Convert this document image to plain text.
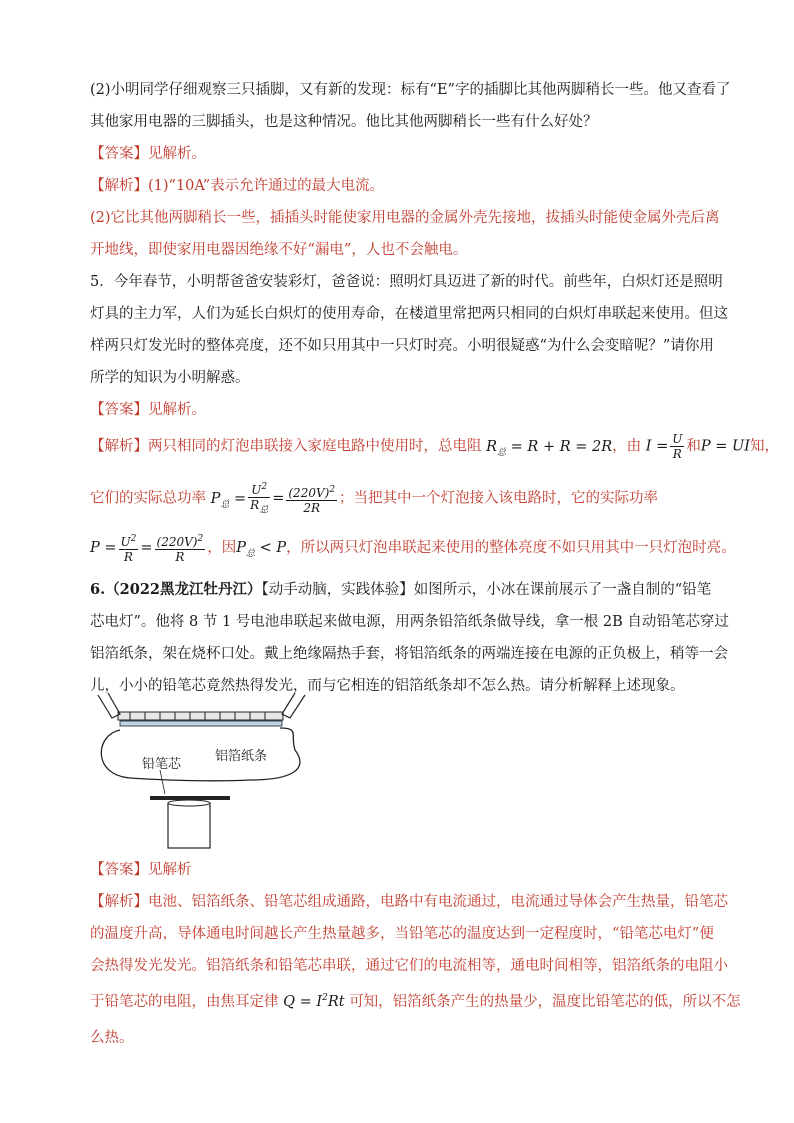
(2)小明同学仔细观察三只插脚，又有新的发现：标有“E”字的插脚比其他两脚稍长一些。他又查看了
其他家用电器的三脚插头，也是这种情况。他比其他两脚稍长一些有什么好处？
【答案】见解析。
【解析】(1)“10A”表示允许通过的最大电流。
(2)它比其他两脚稍长一些，插插头时能使家用电器的金属外壳先接地，拔插头时能使金属外壳后离
开地线，即使家用电器因绝缘不好“漏电”，人也不会触电。
5．今年春节，小明帮爸爸安装彩灯，爸爸说：照明灯具迈进了新的时代。前些年，白炽灯还是照明
灯具的主力军，人们为延长白炽灯的使用寿命，在楼道里常把两只相同的白炽灯串联起来使用。但这
样两只灯发光时的整体亮度，还不如只用其中一只灯时亮。小明很疑惑“为什么会变暗呢？”请你用
所学的知识为小明解惑。
【答案】见解析。
【解析】两只相同的灯泡串联接入家庭电路中使用时，总电阻 $R_总 = R + R = 2R$，由 $I = \frac{U}{R}$ 和P = UI知，
它们的实际总功率 $P_总 = \frac{U^2}{R_总} = \frac{(220V)^2}{2R}$ ；当把其中一个灯泡接入该电路时，它的实际功率
$P = \frac{U^2}{R} = \frac{(220V)^2}{R}$ ，因$P_总 < P$，所以两只灯泡串联起来使用的整体亮度不如只用其中一只灯泡时亮。
6.（2022黑龙江牡丹江）【动手动脑，实践体验】如图所示，小冰在课前展示了一盏自制的“铅笔
芯电灯”。他将 8 节 1 号电池串联起来做电源，用两条铅箔纸条做导线，拿一根 2B 自动铅笔芯穿过
铝箔纸条，架在烧杯口处。戴上绝缘隔热手套，将铝箔纸条的两端连接在电源的正负极上，稍等一会
儿，小小的铅笔芯竟然热得发光，而与它相连的铝箔纸条却不怎么热。请分析解释上述现象。
铅笔芯
铝箔纸条
【答案】见解析
【解析】电池、铝箔纸条、铅笔芯组成通路，电路中有电流通过，电流通过导体会产生热量，铅笔芯
的温度升高，导体通电时间越长产生热量越多，当铅笔芯的温度达到一定程度时，“铅笔芯电灯”便
会热得发光发光。铝箔纸条和铅笔芯串联，通过它们的电流相等，通电时间相等，铝箔纸条的电阻小
于铅笔芯的电阻，由焦耳定律 $Q = I^2Rt$ 可知，铝箔纸条产生的热量少，温度比铅笔芯的低，所以不怎
么热。
